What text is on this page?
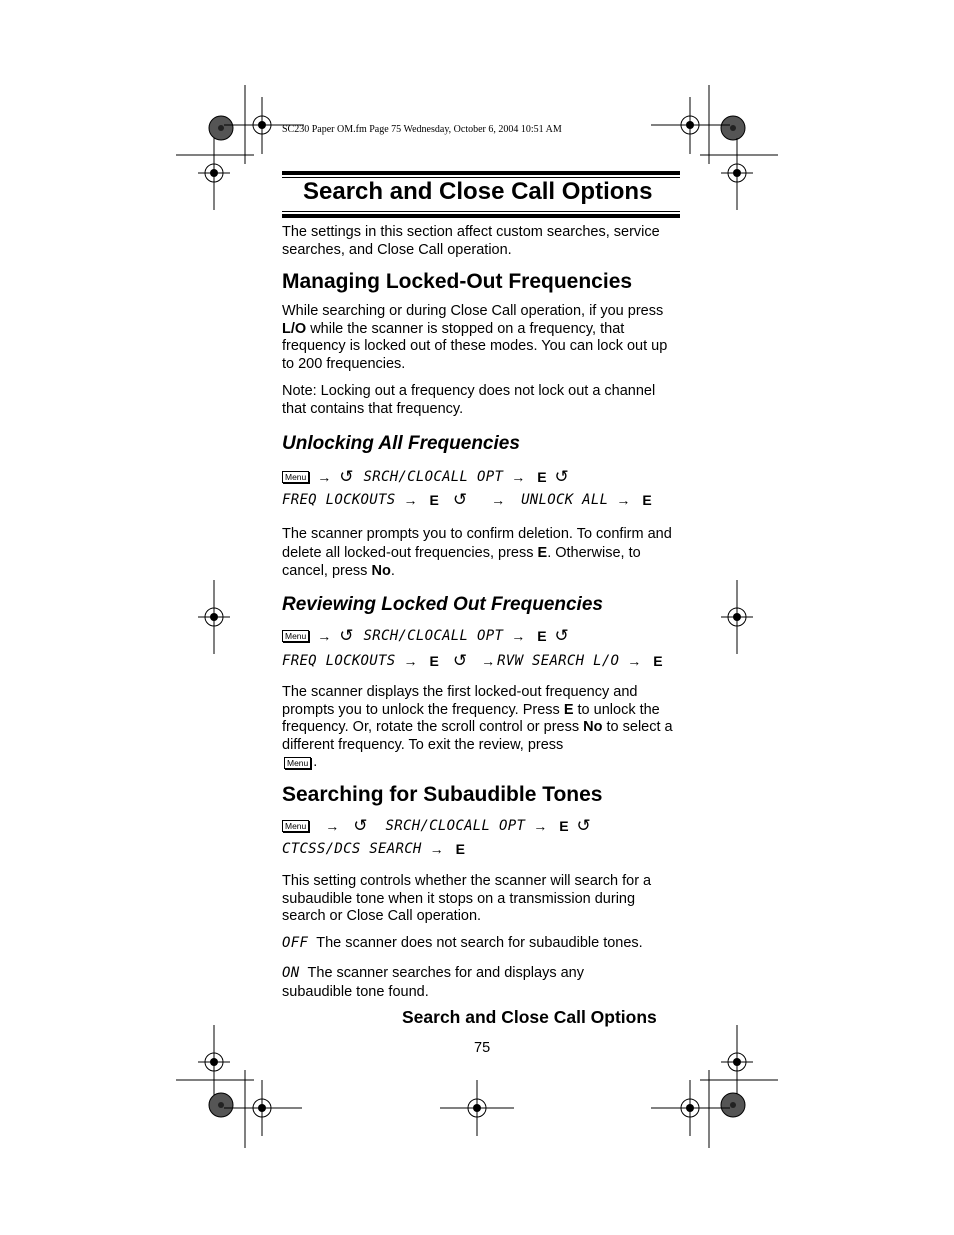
SC230 Paper OM.fm Page 75 Wednesday, October 6, 2004 10:51 AM
Search and Close Call Options

The settings in this section affect custom searches, service searches, and Close Call operation.

Managing Locked-Out Frequencies

While searching or during Close Call operation, if you press L/O while the scanner is stopped on a frequency, that frequency is locked out of these modes. You can lock out up to 200 frequencies.

Note: Locking out a frequency does not lock out a channel that contains that frequency.

Unlocking All Frequencies
Menu → ↺ SRCH/CLOCALL OPT → E ↺
FREQ LOCKOUTS → E ↺ → UNLOCK ALL → E

The scanner prompts you to confirm deletion. To confirm and delete all locked-out frequencies, press E. Otherwise, to cancel, press No.

Reviewing Locked Out Frequencies
Menu → ↺ SRCH/CLOCALL OPT → E ↺
FREQ LOCKOUTS → E ↺ → RVW SEARCH L/O → E

The scanner displays the first locked-out frequency and prompts you to unlock the frequency. Press E to unlock the frequency. Or, rotate the scroll control or press No to select a different frequency. To exit the review, press
Menu .

Searching for Subaudible Tones
Menu → ↺ SRCH/CLOCALL OPT → E ↺
CTCSS/DCS SEARCH → E

This setting controls whether the scanner will search for a subaudible tone when it stops on a transmission during search or Close Call operation.

OFF The scanner does not search for subaudible tones.

ON The scanner searches for and displays any
subaudible tone found.

Search and Close Call Options
75
